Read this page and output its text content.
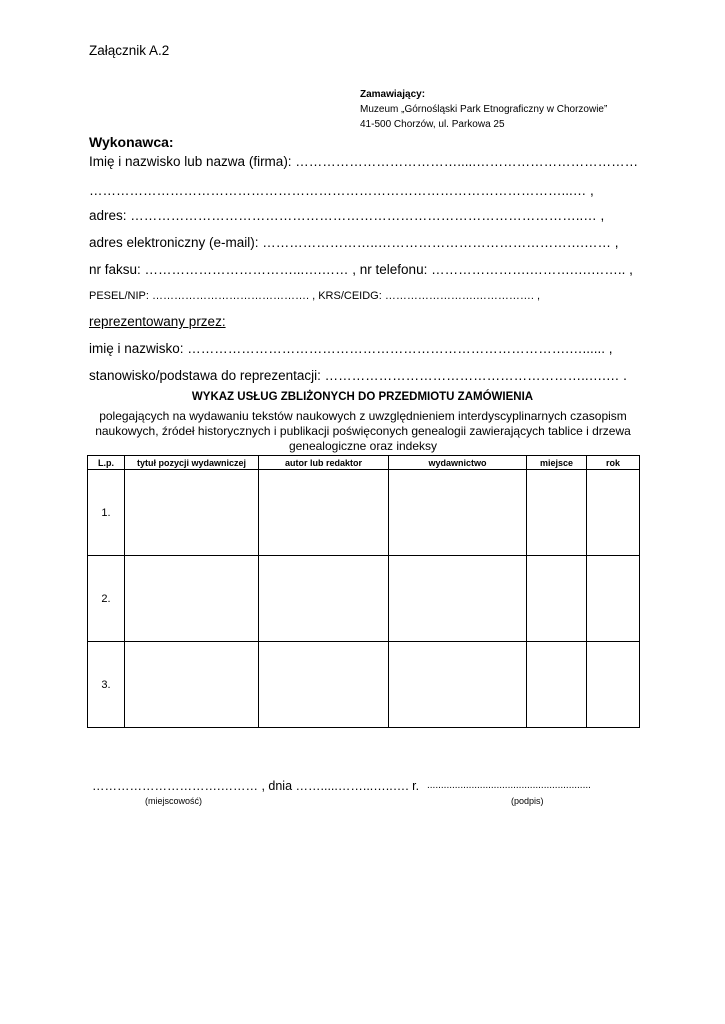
Załącznik A.2
Zamawiający:
Muzeum „Górnośląski Park Etnograficzny w Chorzowie”
41-500 Chorzów, ul. Parkowa 25
Wykonawca:
Imię i nazwisko lub nazwa (firma): ……………………………….....………………………………
……………………………………………………………………………………………...… ,
adres: ………………………………………………………………………………………..… ,
adres elektroniczny (e-mail): ……………………..……………………………………….…… ,
nr faksu: ……………………………...….…… , nr telefonu: ………………….……….….…….. ,
PESEL/NIP: ……………………………………. , KRS/CEIDG: …………………….……………. ,
reprezentowany przez:
imię i nazwisko: ………………………………………………………………………….…...... ,
stanowisko/podstawa do reprezentacji: …………………………………………………..….… .
WYKAZ USŁUG ZBLIŻONYCH DO PRZEDMIOTU ZAMÓWIENIA
polegających na wydawaniu tekstów naukowych z uwzględnieniem interdyscyplinarnych czasopism naukowych, źródeł historycznych i publikacji poświęconych genealogii zawierających tablice i drzewa genealogiczne oraz indeksy
L.p.	tytuł pozycji wydawniczej	autor lub redaktor	wydawnictwo	miejsce	rok
1.					
2.					
3.					
………………………….……… , dnia …….....……...…..…. r. ...........................................................
(miejscowość)	(podpis)
